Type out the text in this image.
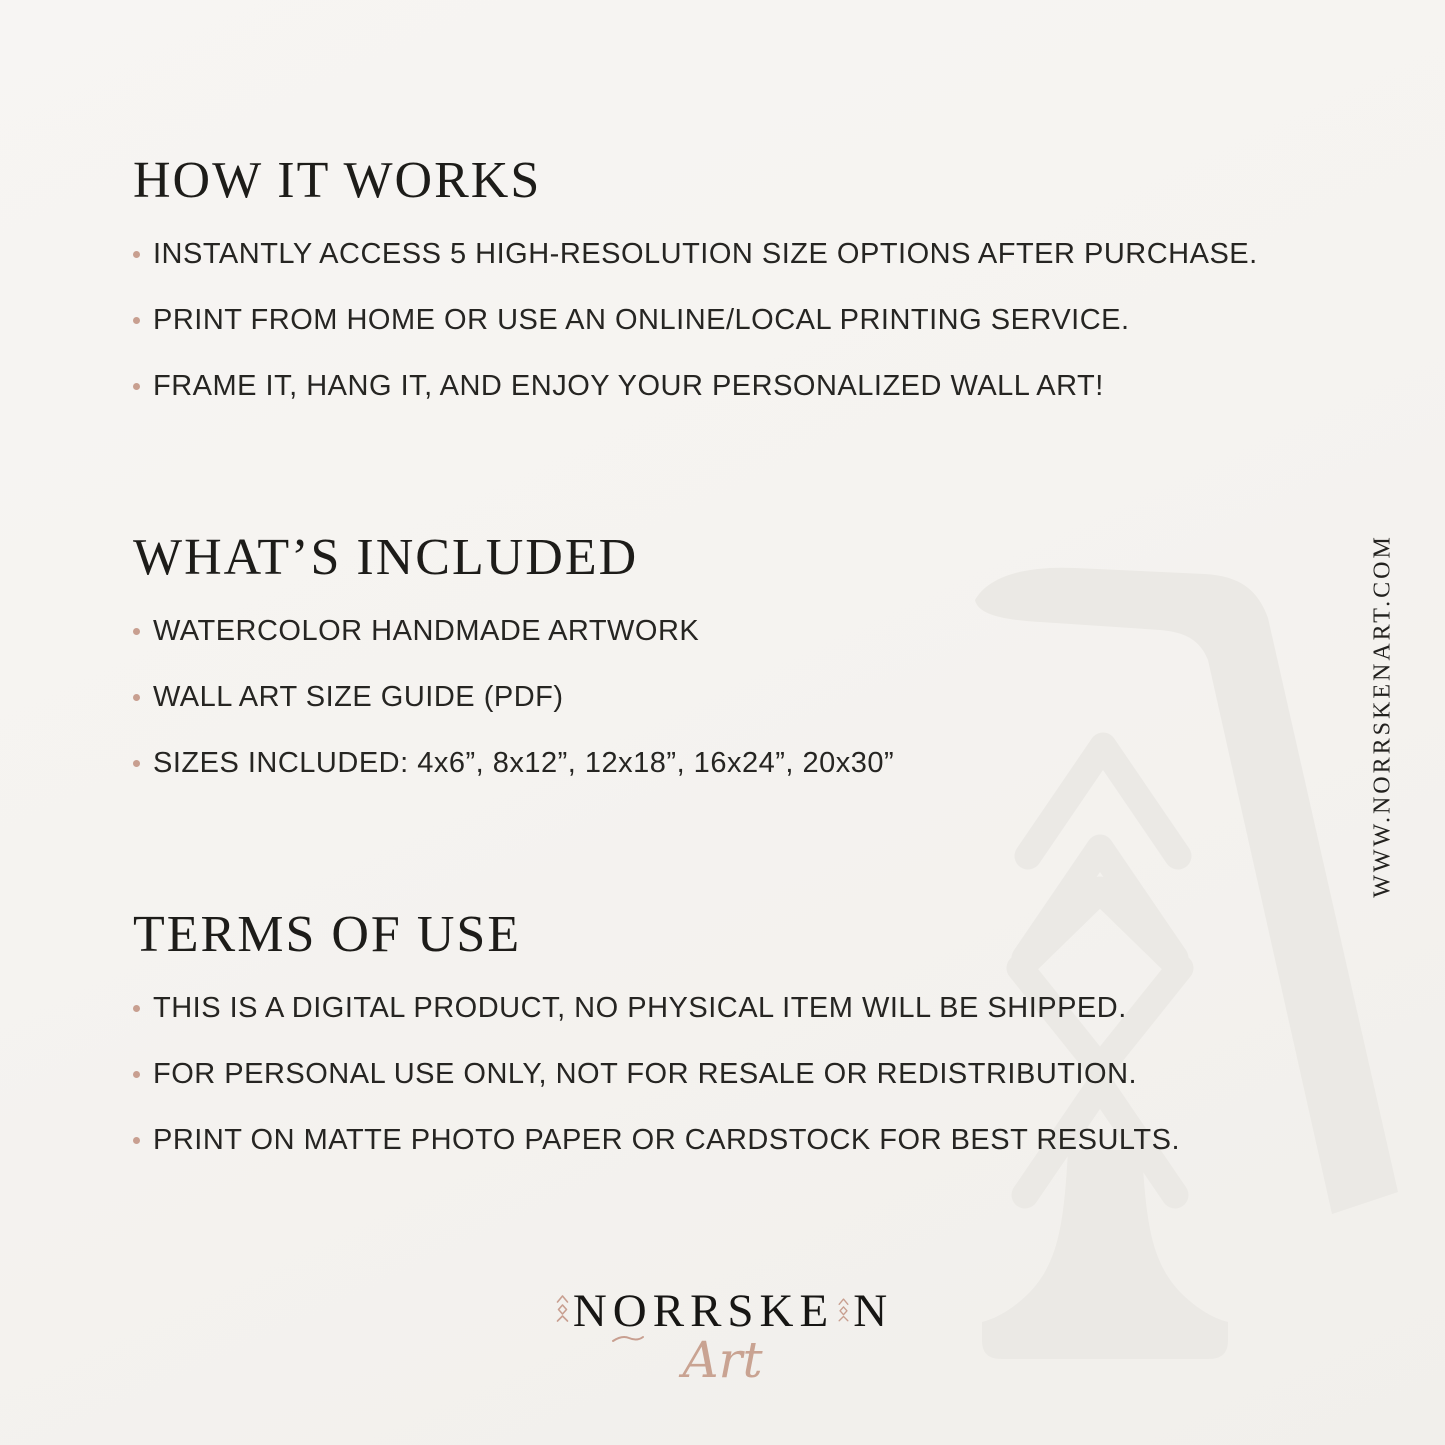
HOW IT WORKS
INSTANTLY ACCESS 5 HIGH-RESOLUTION SIZE OPTIONS AFTER PURCHASE.
PRINT FROM HOME OR USE AN ONLINE/LOCAL PRINTING SERVICE.
FRAME IT, HANG IT, AND ENJOY YOUR PERSONALIZED WALL ART!
WHAT’S INCLUDED
WATERCOLOR HANDMADE ARTWORK
WALL ART SIZE GUIDE (PDF)
SIZES INCLUDED: 4x6”, 8x12”, 12x18”, 16x24”, 20x30”
TERMS OF USE
THIS IS A DIGITAL PRODUCT, NO PHYSICAL ITEM WILL BE SHIPPED.
FOR PERSONAL USE ONLY, NOT FOR RESALE OR REDISTRIBUTION.
PRINT ON MATTE PHOTO PAPER OR CARDSTOCK FOR BEST RESULTS.
WWW.NORRSKENART.COM
N O RRSKE N
Art
